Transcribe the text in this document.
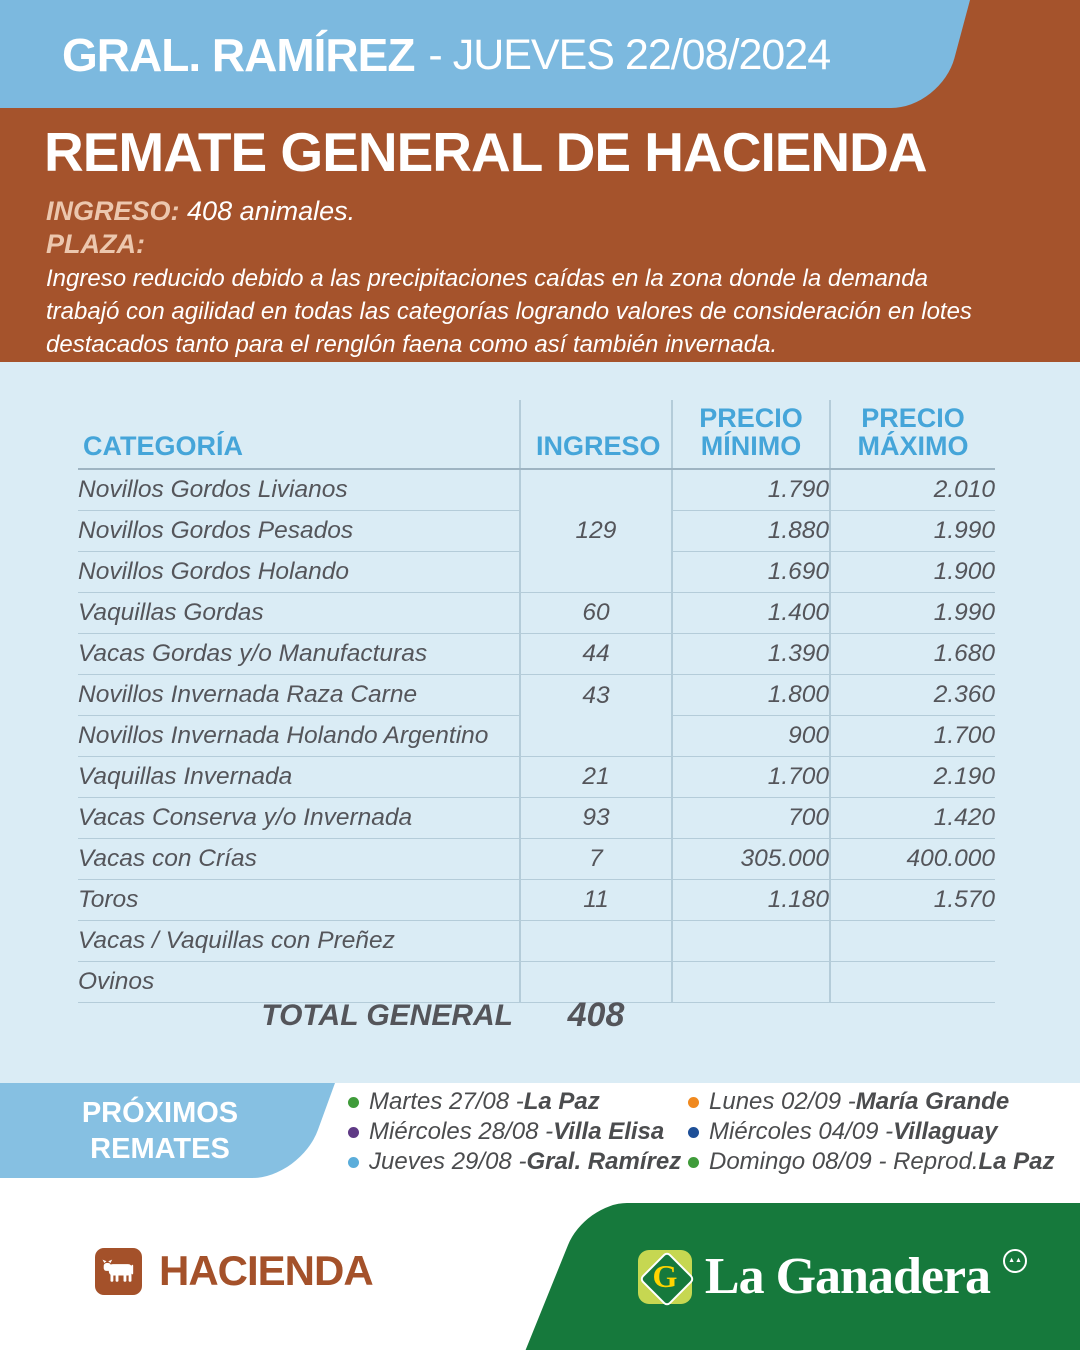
GRAL. RAMÍREZ - JUEVES 22/08/2024
REMATE GENERAL DE HACIENDA
INGRESO: 408 animales.
PLAZA:
Ingreso reducido debido a las precipitaciones caídas en la zona donde la demanda trabajó con agilidad en todas las categorías logrando valores de consideración en lotes destacados tanto para el renglón faena como así también invernada.
CATEGORÍA	INGRESO	PRECIO MÍNIMO	PRECIO MÁXIMO
Novillos Gordos Livianos	129	1.790	2.010
Novillos Gordos Pesados		1.880	1.990
Novillos Gordos Holando		1.690	1.900
Vaquillas Gordas	60	1.400	1.990
Vacas Gordas y/o Manufacturas	44	1.390	1.680
Novillos Invernada Raza Carne	43	1.800	2.360
Novillos Invernada Holando Argentino		900	1.700
Vaquillas Invernada	21	1.700	2.190
Vacas Conserva y/o Invernada	93	700	1.420
Vacas con Crías	7	305.000	400.000
Toros	11	1.180	1.570
Vacas / Vaquillas con Preñez			
Ovinos			
TOTAL GENERAL	408
PRÓXIMOS REMATES
Martes 27/08 - La Paz
Miércoles 28/08 - Villa Elisa
Jueves 29/08 - Gral. Ramírez
Lunes 02/09 - María Grande
Miércoles 04/09 - Villaguay
Domingo 08/09 - Reprod. La Paz
HACIENDA	G La Ganadera	▲▲
